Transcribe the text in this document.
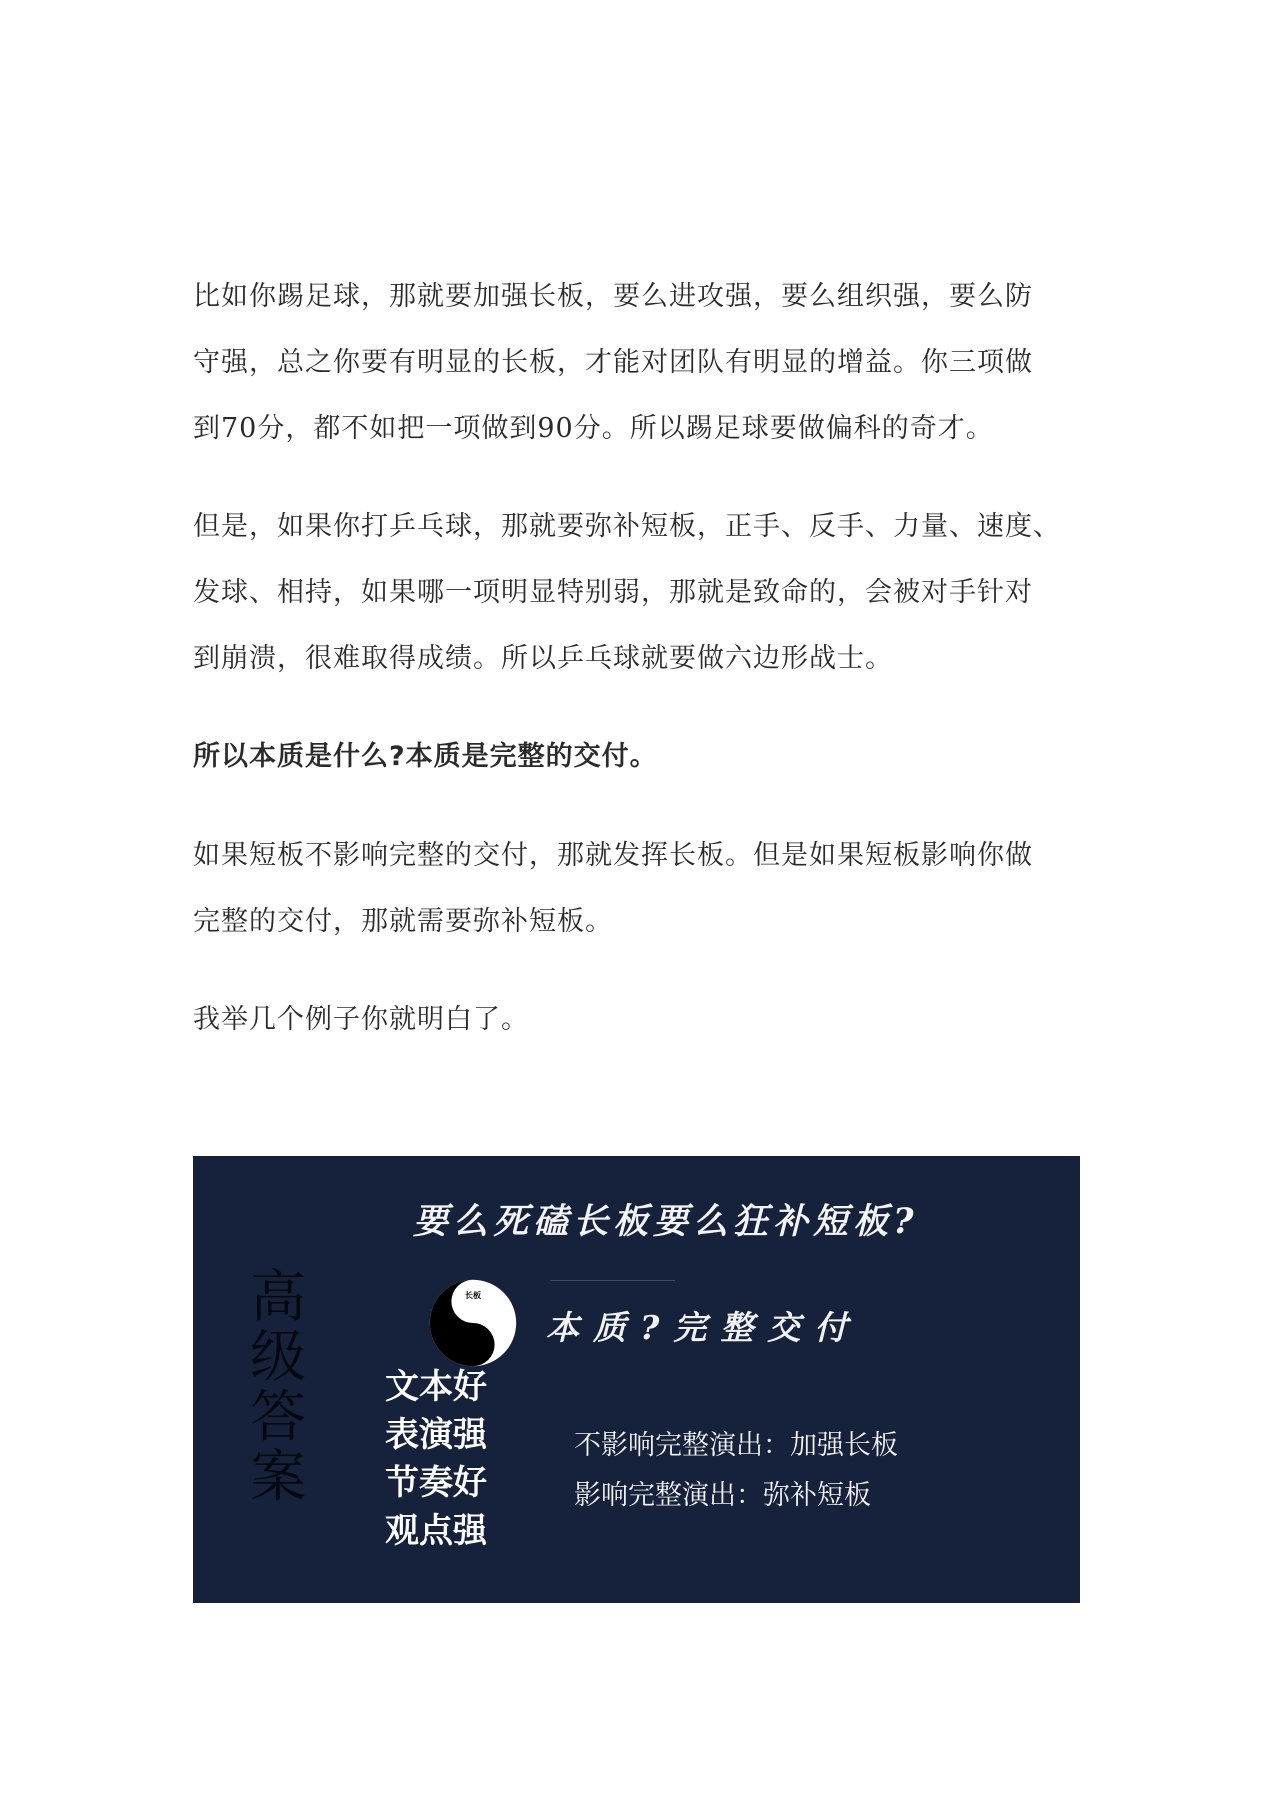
比如你踢足球，那就要加强长板，要么进攻强，要么组织强，要么防
守强，总之你要有明显的长板，才能对团队有明显的增益。你三项做
到70分，都不如把一项做到90分。所以踢足球要做偏科的奇才。

但是，如果你打乒乓球，那就要弥补短板，正手、反手、力量、速度、
发球、相持，如果哪一项明显特别弱，那就是致命的，会被对手针对
到崩溃，很难取得成绩。所以乒乓球就要做六边形战士。

所以本质是什么?本质是完整的交付。

如果短板不影响完整的交付，那就发挥长板。但是如果短板影响你做
完整的交付，那就需要弥补短板。

我举几个例子你就明白了。

要么死磕长板要么狂补短板?
高
级
答
案
长板
理论
木桶
理论
本质?完整交付
文本好
表演强
节奏好
观点强
不影响完整演出：加强长板
影响完整演出：弥补短板
